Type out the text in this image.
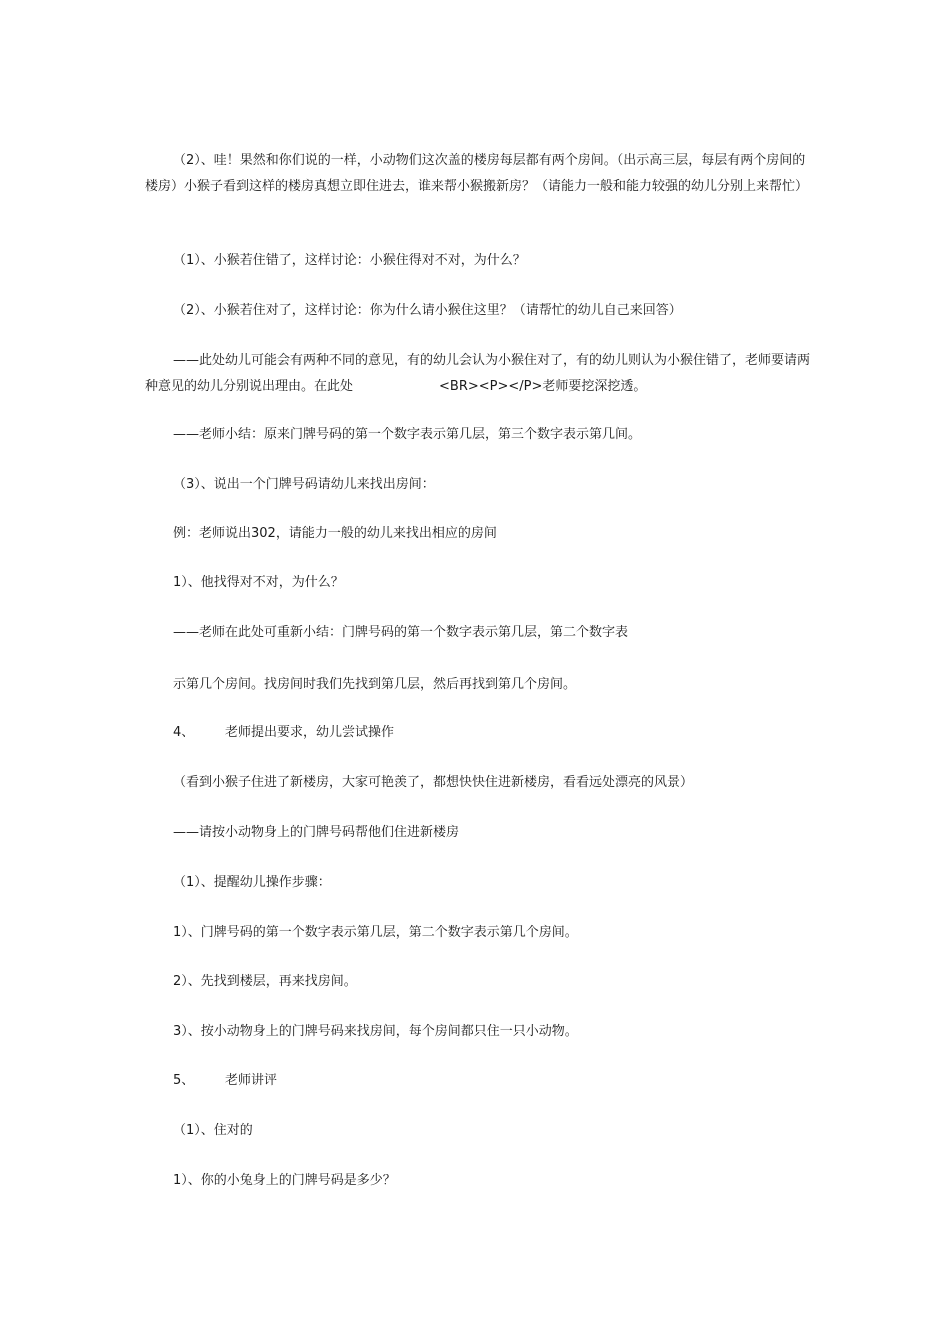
（2）、哇！果然和你们说的一样，小动物们这次盖的楼房每层都有两个房间。（出示高三层，每层有两个房间的楼房）小猴子看到这样的楼房真想立即住进去，谁来帮小猴搬新房？（请能力一般和能力较强的幼儿分别上来帮忙）

（1）、小猴若住错了，这样讨论：小猴住得对不对，为什么？

（2）、小猴若住对了，这样讨论：你为什么请小猴住这里？（请帮忙的幼儿自己来回答）

——此处幼儿可能会有两种不同的意见，有的幼儿会认为小猴住对了，有的幼儿则认为小猴住错了，老师要请两种意见的幼儿分别说出理由。在此处	<BR><P></P>老师要挖深挖透。

——老师小结：原来门牌号码的第一个数字表示第几层，第三个数字表示第几间。

（3）、说出一个门牌号码请幼儿来找出房间：

例：老师说出302，请能力一般的幼儿来找出相应的房间

1）、他找得对不对，为什么？

——老师在此处可重新小结：门牌号码的第一个数字表示第几层，第二个数字表

示第几个房间。找房间时我们先找到第几层，然后再找到第几个房间。

4、 老师提出要求，幼儿尝试操作

（看到小猴子住进了新楼房，大家可艳羡了，都想快快住进新楼房，看看远处漂亮的风景）

——请按小动物身上的门牌号码帮他们住进新楼房

（1）、提醒幼儿操作步骤：

1）、门牌号码的第一个数字表示第几层，第二个数字表示第几个房间。

2）、先找到楼层，再来找房间。

3）、按小动物身上的门牌号码来找房间，每个房间都只住一只小动物。

5、 老师讲评

（1）、住对的

1）、你的小兔身上的门牌号码是多少？
